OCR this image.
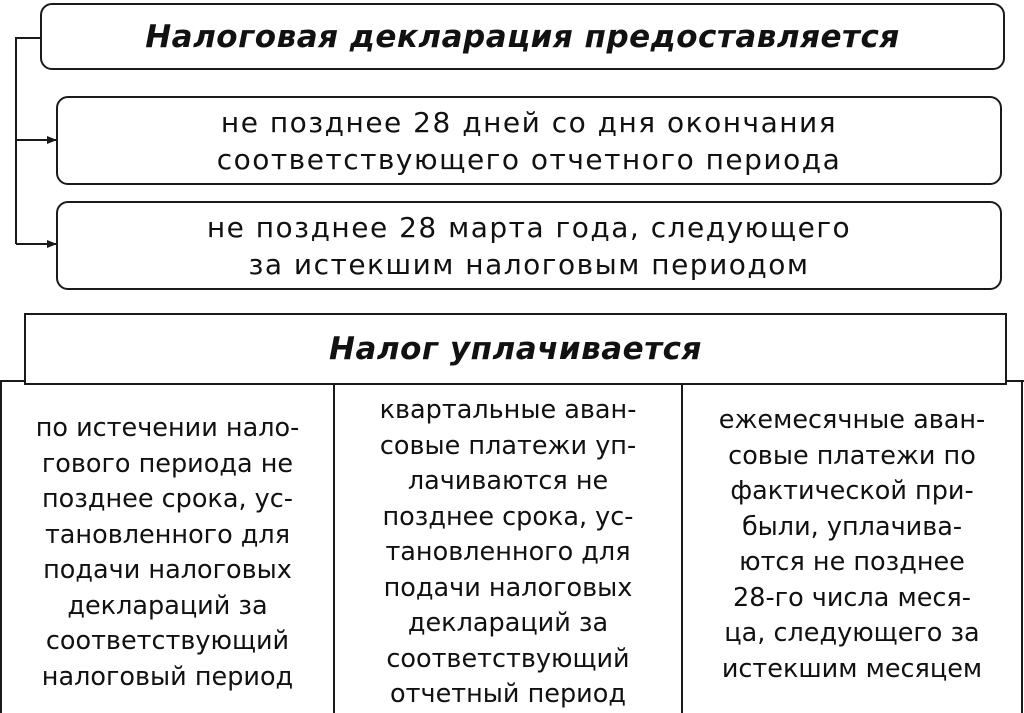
Налоговая декларация предоставляется
не позднее 28 дней со дня окончания
соответствующего отчетного периода
не позднее 28 марта года, следующего
за истекшим налоговым периодом
Налог уплачивается
по истечении нало-
гового периода не
позднее срока, ус-
тановленного для
подачи налоговых
деклараций за
соответствующий
налоговый период
квартальные аван-
совые платежи уп-
лачиваются не
позднее срока, ус-
тановленного для
подачи налоговых
деклараций за
соответствующий
отчетный период
ежемесячные аван-
совые платежи по
фактической при-
были, уплачива-
ются не позднее
28-го числа меся-
ца, следующего за
истекшим месяцем
